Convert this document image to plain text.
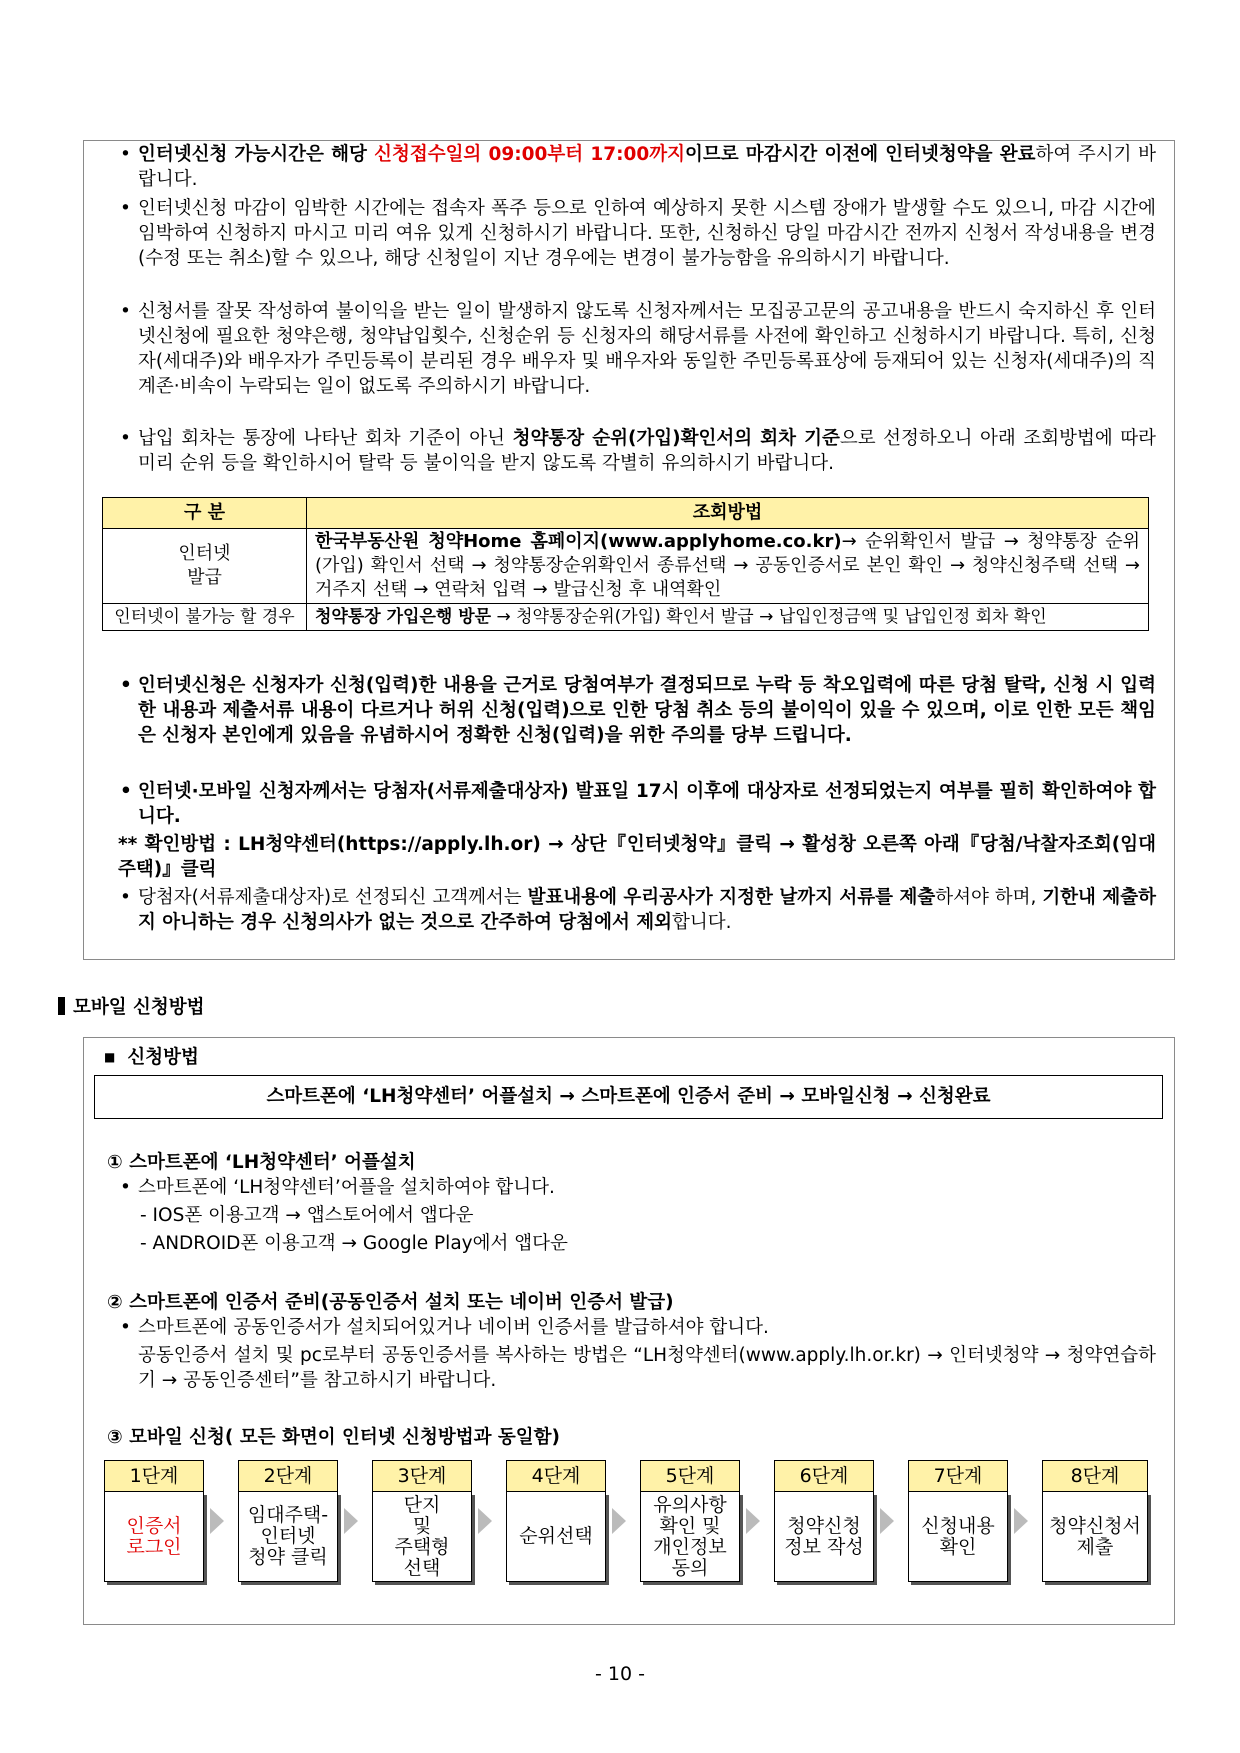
• 인터넷신청 가능시간은 해당 신청접수일의 09:00부터 17:00까지이므로 마감시간 이전에 인터넷청약을 완료하여 주시기 바랍니다.
• 인터넷신청 마감이 임박한 시간에는 접속자 폭주 등으로 인하여 예상하지 못한 시스템 장애가 발생할 수도 있으니, 마감 시간에 임박하여 신청하지 마시고 미리 여유 있게 신청하시기 바랍니다. 또한, 신청하신 당일 마감시간 전까지 신청서 작성내용을 변경(수정 또는 취소)할 수 있으나, 해당 신청일이 지난 경우에는 변경이 불가능함을 유의하시기 바랍니다.
• 신청서를 잘못 작성하여 불이익을 받는 일이 발생하지 않도록 신청자께서는 모집공고문의 공고내용을 반드시 숙지하신 후 인터넷신청에 필요한 청약은행, 청약납입횟수, 신청순위 등 신청자의 해당서류를 사전에 확인하고 신청하시기 바랍니다. 특히, 신청자(세대주)와 배우자가 주민등록이 분리된 경우 배우자 및 배우자와 동일한 주민등록표상에 등재되어 있는 신청자(세대주)의 직계존·비속이 누락되는 일이 없도록 주의하시기 바랍니다.
• 납입 회차는 통장에 나타난 회차 기준이 아닌 청약통장 순위(가입)확인서의 회차 기준으로 선정하오니 아래 조회방법에 따라 미리 순위 등을 확인하시어 탈락 등 불이익을 받지 않도록 각별히 유의하시기 바랍니다.
구 분	조회방법
인터넷
발급	한국부동산원 청약Home 홈페이지(www.applyhome.co.kr)→ 순위확인서 발급 → 청약통장 순위(가입) 확인서 선택 → 청약통장순위확인서 종류선택 → 공동인증서로 본인 확인 → 청약신청주택 선택 → 거주지 선택 → 연락처 입력 → 발급신청 후 내역확인
인터넷이 불가능 할 경우	청약통장 가입은행 방문 → 청약통장순위(가입) 확인서 발급 → 납입인정금액 및 납입인정 회차 확인
• 인터넷신청은 신청자가 신청(입력)한 내용을 근거로 당첨여부가 결정되므로 누락 등 착오입력에 따른 당첨 탈락, 신청 시 입력한 내용과 제출서류 내용이 다르거나 허위 신청(입력)으로 인한 당첨 취소 등의 불이익이 있을 수 있으며, 이로 인한 모든 책임은 신청자 본인에게 있음을 유념하시어 정확한 신청(입력)을 위한 주의를 당부 드립니다.
• 인터넷·모바일 신청자께서는 당첨자(서류제출대상자) 발표일 17시 이후에 대상자로 선정되었는지 여부를 필히 확인하여야 합니다.
** 확인방법 : LH청약센터(https://apply.lh.or) → 상단『인터넷청약』클릭 → 활성창 오른쪽 아래『당첨/낙찰자조회(임대주택)』클릭
• 당첨자(서류제출대상자)로 선정되신 고객께서는 발표내용에 우리공사가 지정한 날까지 서류를 제출하셔야 하며, 기한내 제출하지 아니하는 경우 신청의사가 없는 것으로 간주하여 당첨에서 제외합니다.
모바일 신청방법
■ 신청방법
스마트폰에 ‘LH청약센터’ 어플설치 → 스마트폰에 인증서 준비 → 모바일신청 → 신청완료
① 스마트폰에 ‘LH청약센터’ 어플설치
• 스마트폰에 ‘LH청약센터’어플을 설치하여야 합니다.
- IOS폰 이용고객 → 앱스토어에서 앱다운
- ANDROID폰 이용고객 → Google Play에서 앱다운
② 스마트폰에 인증서 준비(공동인증서 설치 또는 네이버 인증서 발급)
• 스마트폰에 공동인증서가 설치되어있거나 네이버 인증서를 발급하셔야 합니다.
공동인증서 설치 및 pc로부터 공동인증서를 복사하는 방법은 “LH청약센터(www.apply.lh.or.kr) → 인터넷청약 → 청약연습하기 → 공동인증센터”를 참고하시기 바랍니다.
③ 모바일 신청( 모든 화면이 인터넷 신청방법과 동일함)
1단계
인증서
로그인
2단계
임대주택-
인터넷
청약 클릭
3단계
단지
및
주택형
선택
4단계
순위선택
5단계
유의사항
확인 및
개인정보
동의
6단계
청약신청
정보 작성
7단계
신청내용
확인
8단계
청약신청서
제출
- 10 -
